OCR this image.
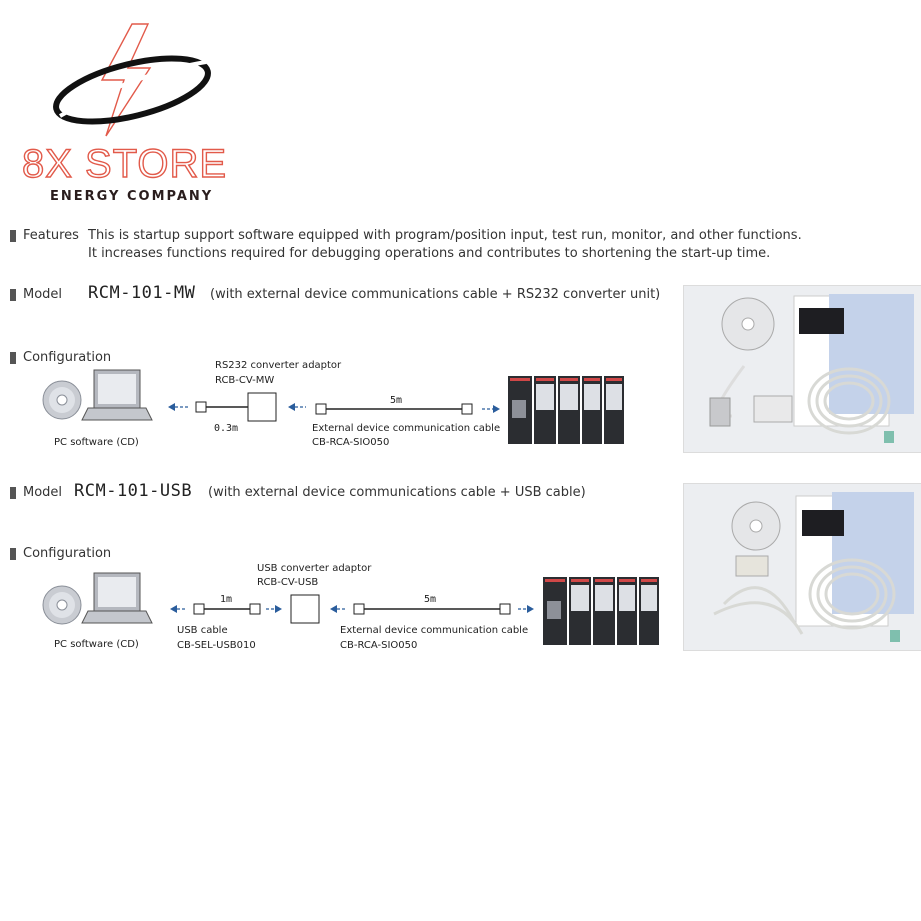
8X STORE
ENERGY COMPANY
Features This is startup support software equipped with program/position input, test run, monitor, and other functions.
It increases functions required for debugging operations and contributes to shortening the start-up time.
Model RCM-101-MW (with external device communications cable + RS232 converter unit)
Configuration
PC software (CD)
RS232 converter adaptor
RCB-CV-MW
0.3m
5m
External device communication cable
CB-RCA-SIO050
Model RCM-101-USB (with external device communications cable + USB cable)
Configuration
PC software (CD)
1m
USB cable
CB-SEL-USB010
USB converter adaptor
RCB-CV-USB
5m
External device communication cable
CB-RCA-SIO050
